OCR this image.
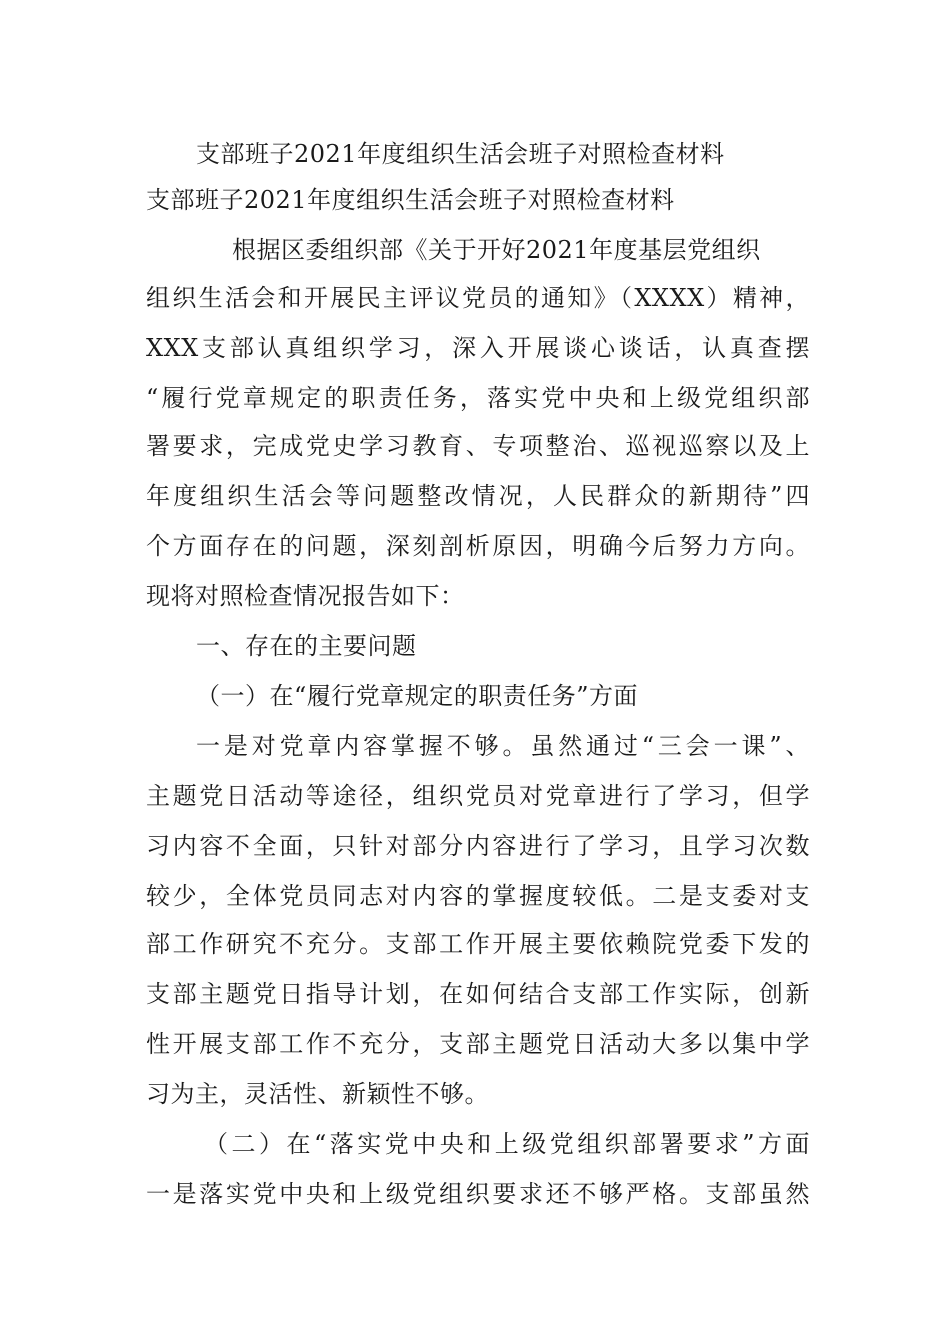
支部班子2021年度组织生活会班子对照检查材料
支部班子2021年度组织生活会班子对照检查材料
根据区委组织部《关于开好2021年度基层党组织
组织生活会和开展民主评议党员的通知》（XXXX）精神，
XXX支部认真组织学习，深入开展谈心谈话，认真查摆
“履行党章规定的职责任务，落实党中央和上级党组织部
署要求，完成党史学习教育、专项整治、巡视巡察以及上
年度组织生活会等问题整改情况，人民群众的新期待”四
个方面存在的问题，深刻剖析原因，明确今后努力方向。
现将对照检查情况报告如下：
一、存在的主要问题
（一）在“履行党章规定的职责任务”方面
一是对党章内容掌握不够。虽然通过“三会一课”、
主题党日活动等途径，组织党员对党章进行了学习，但学
习内容不全面，只针对部分内容进行了学习，且学习次数
较少，全体党员同志对内容的掌握度较低。二是支委对支
部工作研究不充分。支部工作开展主要依赖院党委下发的
支部主题党日指导计划，在如何结合支部工作实际，创新
性开展支部工作不充分，支部主题党日活动大多以集中学
习为主，灵活性、新颖性不够。
（二）在“落实党中央和上级党组织部署要求”方面
一是落实党中央和上级党组织要求还不够严格。支部虽然
